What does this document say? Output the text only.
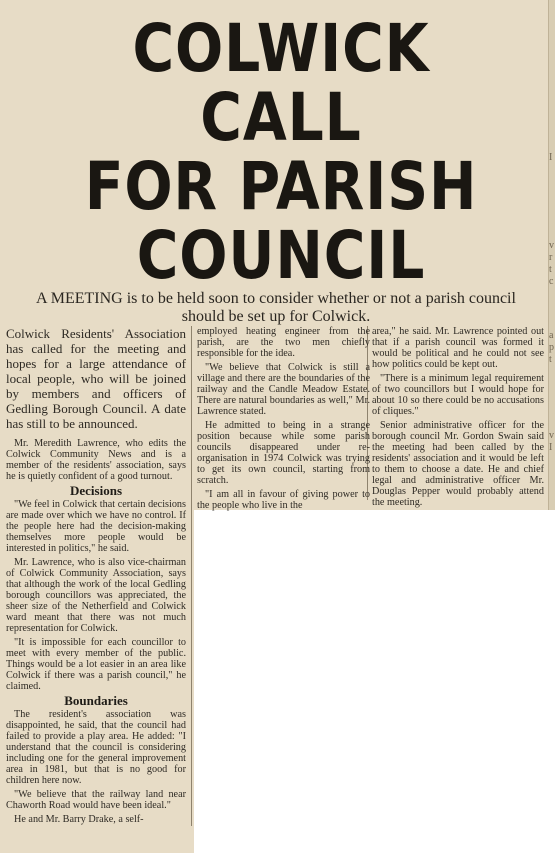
I
v
r
t
c
a
p
t
v
I
COLWICK CALL
FOR PARISH
COUNCIL

A MEETING is to be held soon to consider whether or not a parish council should be set up for Colwick.

Colwick Residents' Association has called for the meeting and hopes for a large attendance of local people, who will be joined by members and officers of Gedling Borough Council. A date has still to be announced.

Mr. Meredith Lawrence, who edits the Colwick Community News and is a member of the residents' association, says he is quietly confident of a good turnout.

Decisions

"We feel in Colwick that certain decisions are made over which we have no control. If the people here had the decision-making themselves more people would be interested in politics," he said.

Mr. Lawrence, who is also vice-chairman of Colwick Community Association, says that although the work of the local Gedling borough councillors was appreciated, the sheer size of the Netherfield and Colwick ward meant that there was not much representation for Colwick.

"It is impossible for each councillor to meet with every member of the public. Things would be a lot easier in an area like Colwick if there was a parish council," he claimed.

Boundaries

The resident's association was disappointed, he said, that the council had failed to provide a play area. He added: "I understand that the council is considering including one for the general improvement area in 1981, but that is no good for children here now.

"We believe that the railway land near Chaworth Road would have been ideal."

He and Mr. Barry Drake, a self-

employed heating engineer from the parish, are the two men chiefly responsible for the idea.

"We believe that Colwick is still a village and there are the boundaries of the railway and the Candle Meadow Estate. There are natural boundaries as well," Mr. Lawrence stated.

He admitted to being in a strange position because while some parish councils disappeared under re-organisation in 1974 Colwick was trying to get its own council, starting from scratch.

"I am all in favour of giving power to the people who live in the

area," he said. Mr. Lawrence pointed out that if a parish council was formed it would be political and he could not see how politics could be kept out.

"There is a minimum legal requirement of two councillors but I would hope for about 10 so there could be no accusations of cliques."

Senior administrative officer for the borough council Mr. Gordon Swain said the meeting had been called by the residents' association and it would be left to them to choose a date. He and chief legal and administrative officer Mr. Douglas Pepper would probably attend the meeting.
